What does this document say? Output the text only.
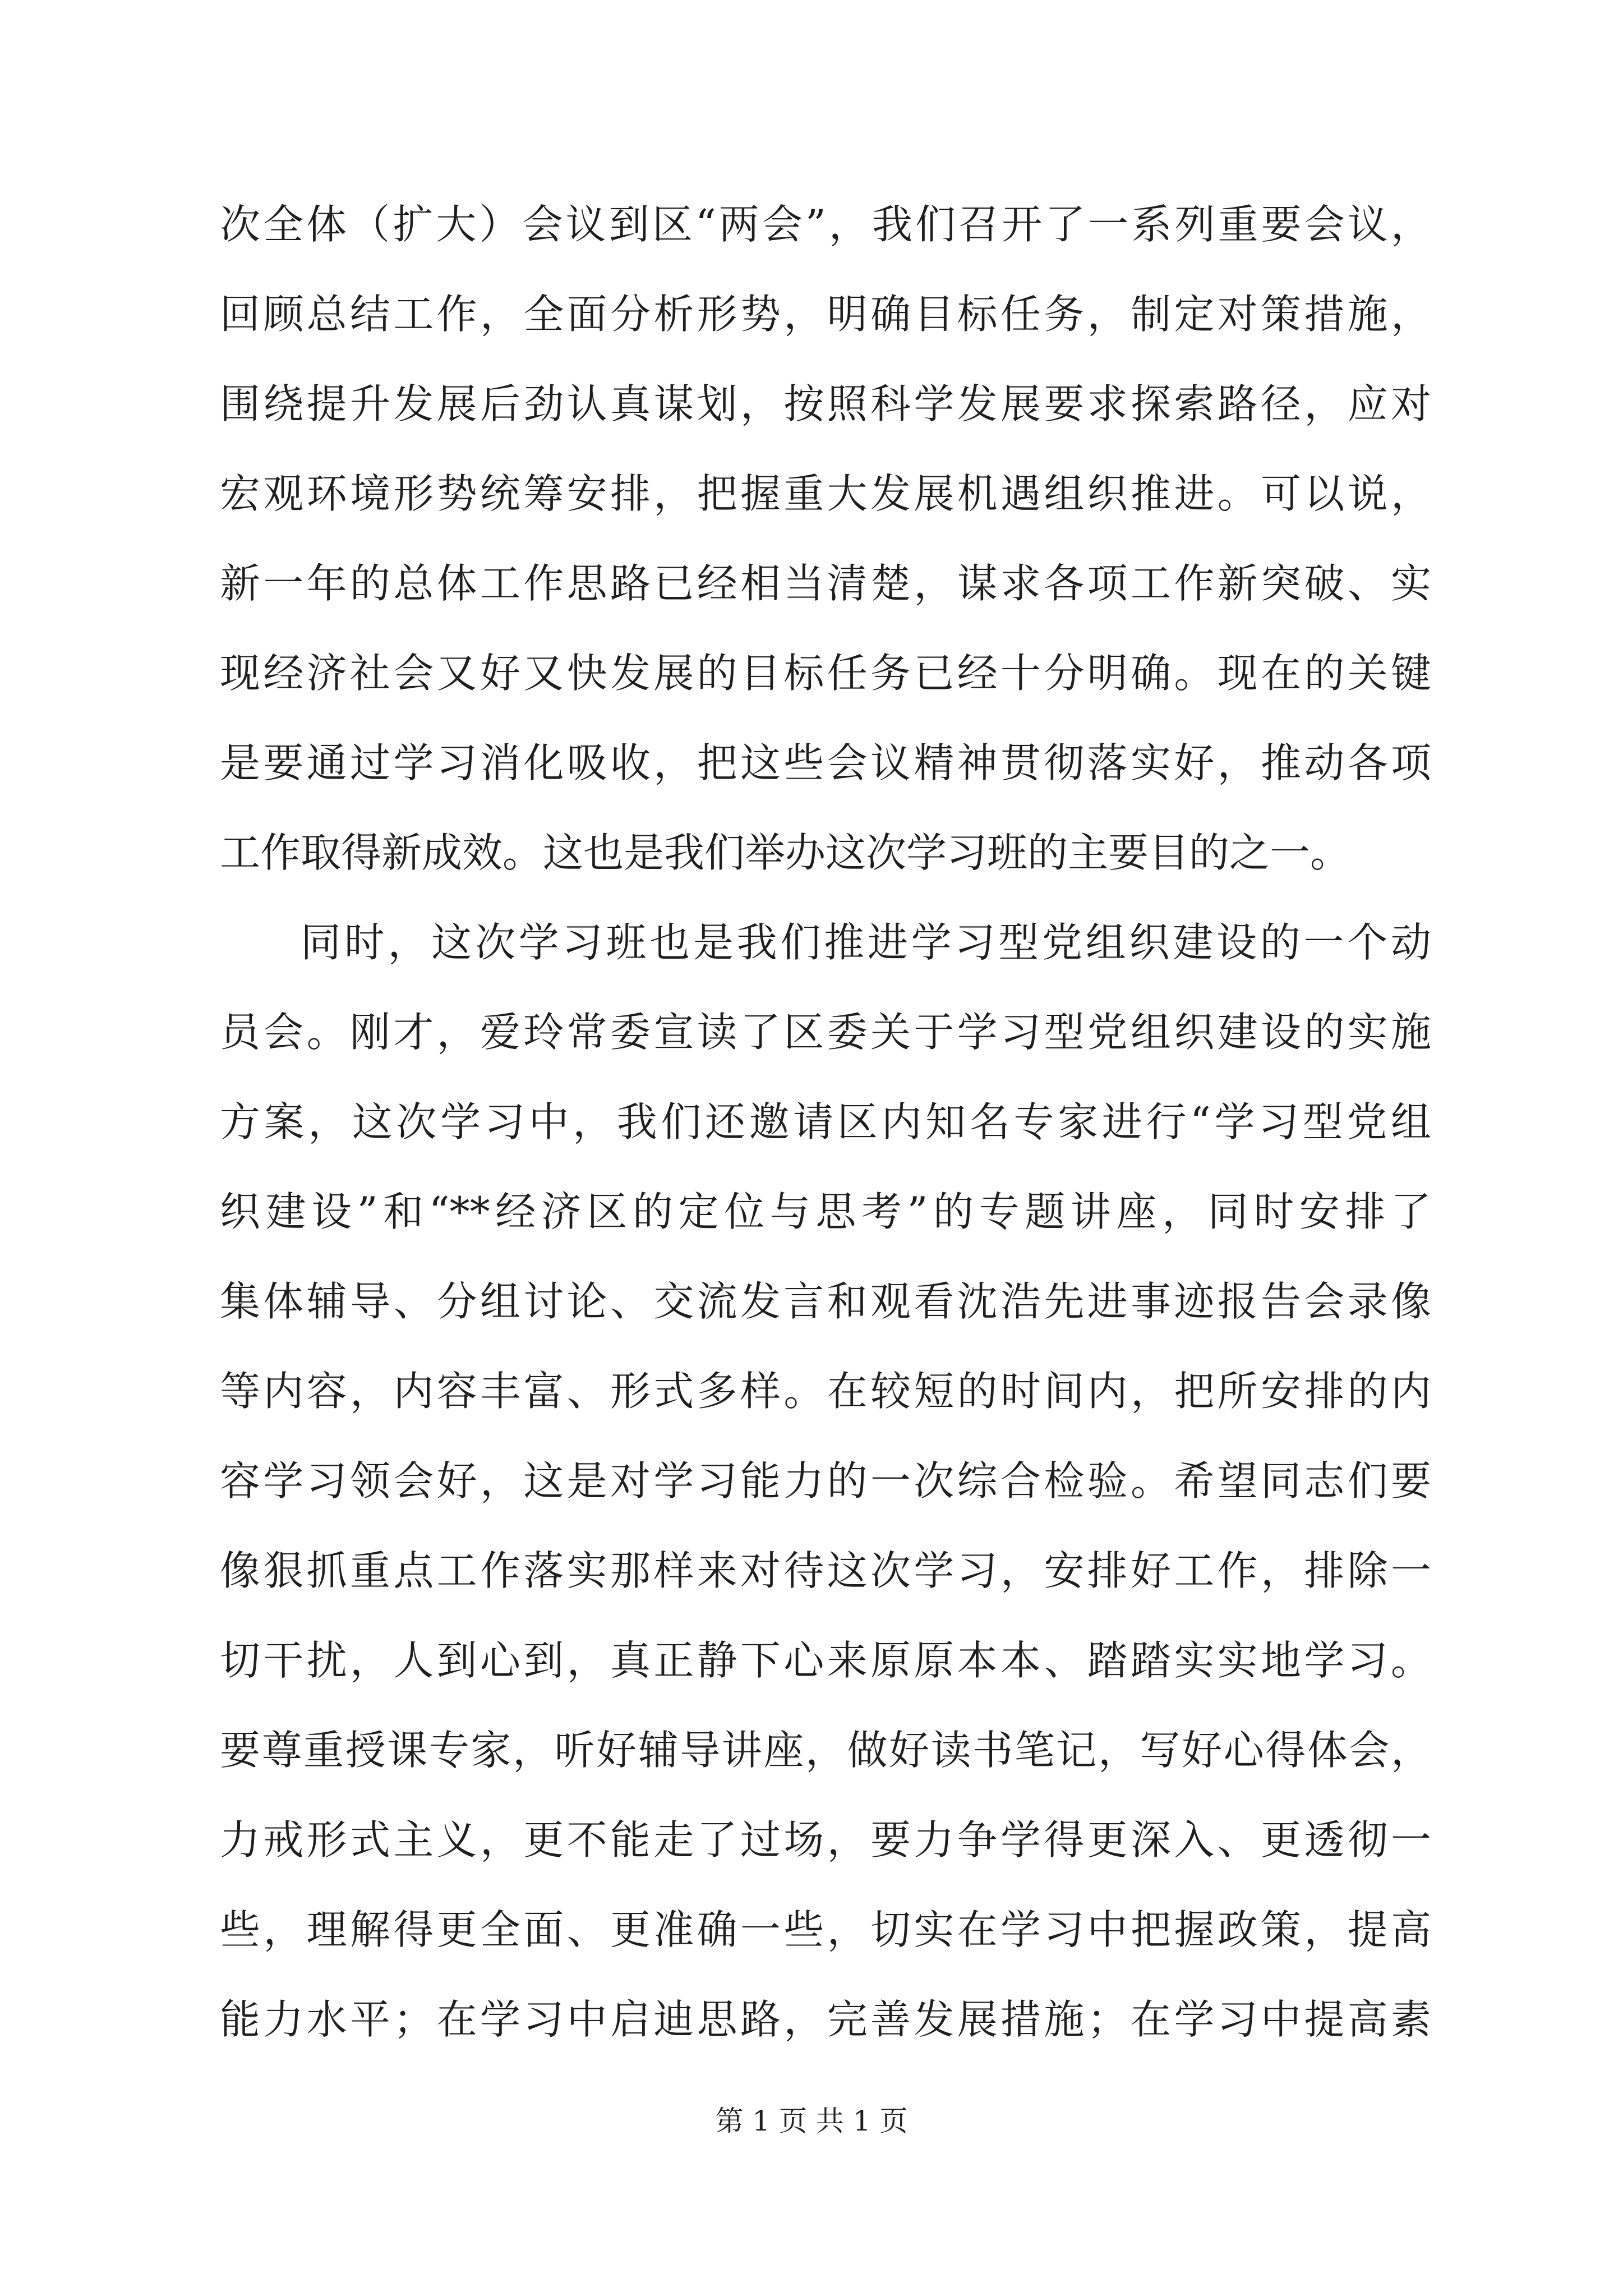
次全体（扩大）会议到区“两会”，我们召开了一系列重要会议，
回顾总结工作，全面分析形势，明确目标任务，制定对策措施，
围绕提升发展后劲认真谋划，按照科学发展要求探索路径，应对
宏观环境形势统筹安排，把握重大发展机遇组织推进。可以说，
新一年的总体工作思路已经相当清楚，谋求各项工作新突破、实
现经济社会又好又快发展的目标任务已经十分明确。现在的关键
是要通过学习消化吸收，把这些会议精神贯彻落实好，推动各项
工作取得新成效。这也是我们举办这次学习班的主要目的之一。
同时，这次学习班也是我们推进学习型党组织建设的一个动
员会。刚才，爱玲常委宣读了区委关于学习型党组织建设的实施
方案，这次学习中，我们还邀请区内知名专家进行“学习型党组
织建设”和“**经济区的定位与思考”的专题讲座，同时安排了
集体辅导、分组讨论、交流发言和观看沈浩先进事迹报告会录像
等内容，内容丰富、形式多样。在较短的时间内，把所安排的内
容学习领会好，这是对学习能力的一次综合检验。希望同志们要
像狠抓重点工作落实那样来对待这次学习，安排好工作，排除一
切干扰，人到心到，真正静下心来原原本本、踏踏实实地学习。
要尊重授课专家，听好辅导讲座，做好读书笔记，写好心得体会，
力戒形式主义，更不能走了过场，要力争学得更深入、更透彻一
些，理解得更全面、更准确一些，切实在学习中把握政策，提高
能力水平；在学习中启迪思路，完善发展措施；在学习中提高素
第 1 页 共 1 页
